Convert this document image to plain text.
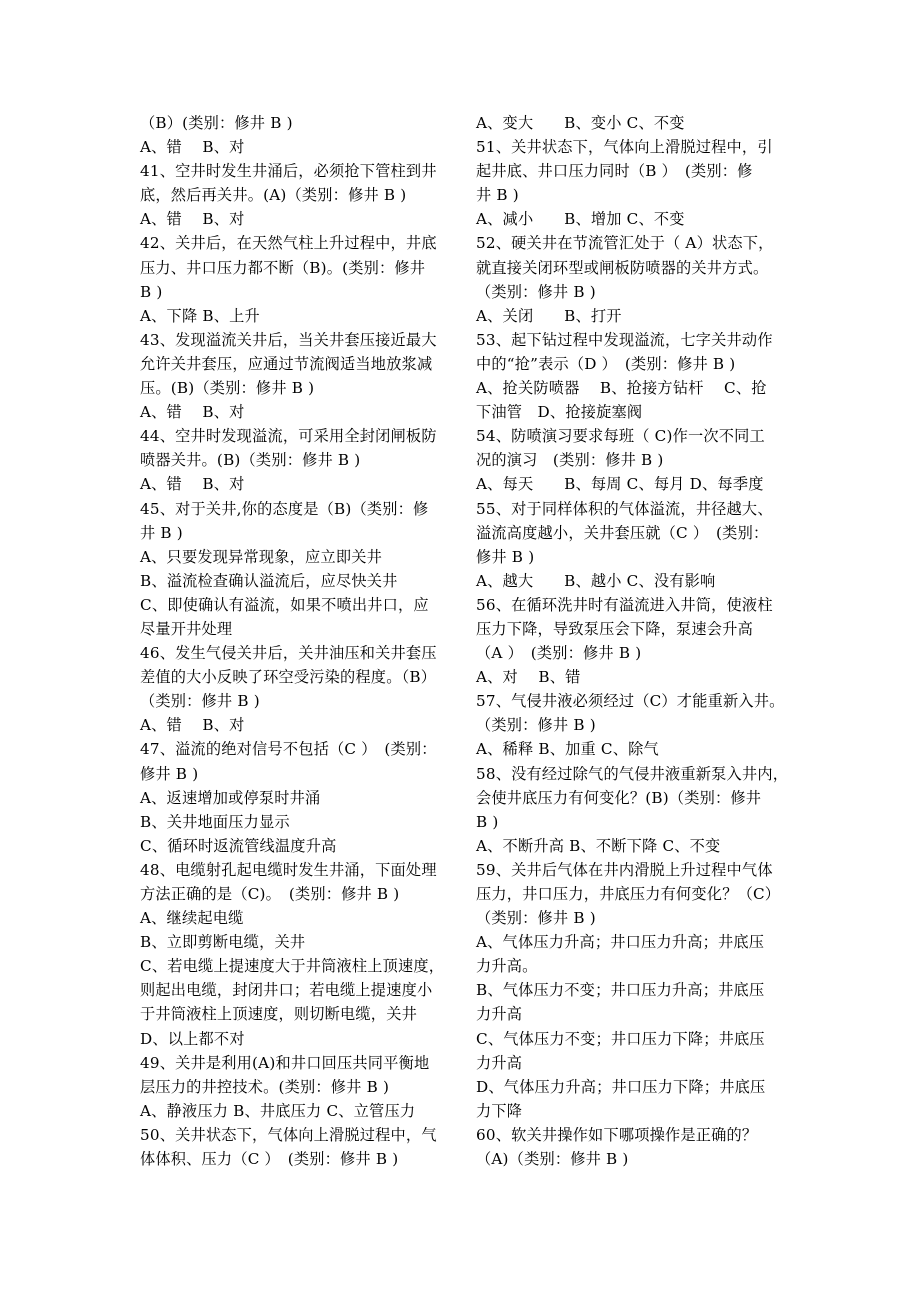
（B）(类别：修井 B )
A、错　 B、对
41、空井时发生井涌后，必须抢下管柱到井
底，然后再关井。(A)（类别：修井 B )
A、错　 B、对
42、关井后，在天然气柱上升过程中，井底
压力、井口压力都不断（B)。(类别：修井
B )
A、下降 B、上升
43、发现溢流关井后，当关井套压接近最大
允许关井套压，应通过节流阀适当地放浆减
压。(B)（类别：修井 B )
A、错　 B、对
44、空井时发现溢流，可采用全封闭闸板防
喷器关井。(B)（类别：修井 B )
A、错　 B、对
45、对于关井,你的态度是（B)（类别：修
井 B )
A、只要发现异常现象，应立即关井
B、溢流检查确认溢流后，应尽快关井
C、即使确认有溢流，如果不喷出井口，应
尽量开井处理
46、发生气侵关井后，关井油压和关井套压
差值的大小反映了环空受污染的程度。（B）
（类别：修井 B )
A、错　 B、对
47、溢流的绝对信号不包括（C ）　(类别：
修井 B )
A、返速增加或停泵时井涌
B、关井地面压力显示
C、循环时返流管线温度升高
48、电缆射孔起电缆时发生井涌，下面处理
方法正确的是（C)。　(类别：修井 B )
A、继续起电缆
B、立即剪断电缆，关井
C、若电缆上提速度大于井筒液柱上顶速度，
则起出电缆，封闭井口；若电缆上提速度小
于井筒液柱上顶速度，则切断电缆，关井
D、以上都不对
49、关井是利用(A)和井口回压共同平衡地
层压力的井控技术。(类别：修井 B )
A、静液压力 B、井底压力 C、立管压力
50、关井状态下，气体向上滑脱过程中，气
体体积、压力（C ）　(类别：修井 B )
A、变大　　B、变小 C、不变
51、关井状态下，气体向上滑脱过程中，引
起井底、井口压力同时（B ）　(类别：修
井 B )
A、减小　　B、增加 C、不变
52、硬关井在节流管汇处于（ A）状态下，
就直接关闭环型或闸板防喷器的关井方式。
（类别：修井 B )
A、关闭　　B、打开
53、起下钻过程中发现溢流，七字关井动作
中的“抢”表示（D ）　(类别：修井 B )
A、抢关防喷器　 B、抢接方钻杆　 C、抢
下油管　D、抢接旋塞阀
54、防喷演习要求每班（ C)作一次不同工
况的演习　(类别：修井 B )
A、每天　　B、每周 C、每月 D、每季度
55、对于同样体积的气体溢流，井径越大、
溢流高度越小，关井套压就（C ）　(类别：
修井 B )
A、越大　　B、越小 C、没有影响
56、在循环洗井时有溢流进入井筒，使液柱
压力下降，导致泵压会下降，泵速会升高
（A ）　(类别：修井 B )
A、对　 B、错
57、气侵井液必须经过（C）才能重新入井。
（类别：修井 B )
A、稀释 B、加重 C、除气
58、没有经过除气的气侵井液重新泵入井内，
会使井底压力有何变化？(B)（类别：修井
B )
A、不断升高 B、不断下降 C、不变
59、关井后气体在井内滑脱上升过程中气体
压力，井口压力，井底压力有何变化？（C）
（类别：修井 B )
A、气体压力升高；井口压力升高；井底压
力升高。
B、气体压力不变；井口压力升高；井底压
力升高
C、气体压力不变；井口压力下降；井底压
力升高
D、气体压力升高；井口压力下降；井底压
力下降
60、软关井操作如下哪项操作是正确的？
（A)（类别：修井 B )
